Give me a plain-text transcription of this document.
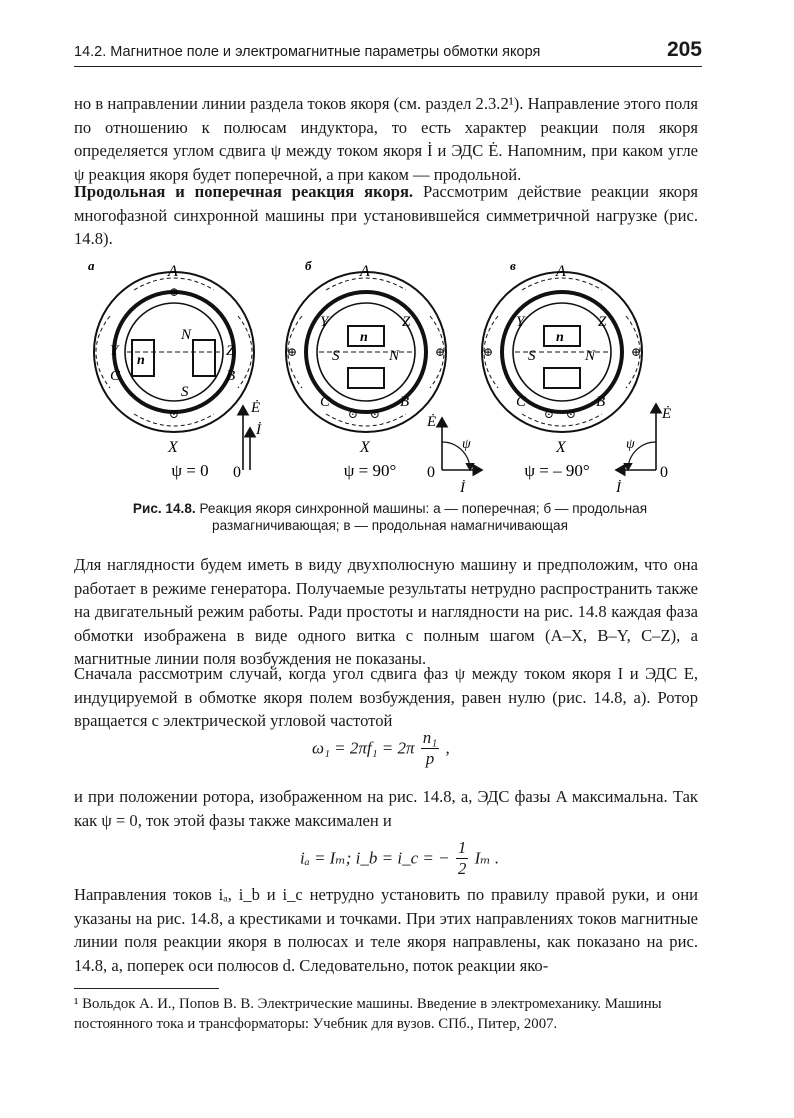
14.2. Магнитное поле и электромагнитные параметры обмотки якоря	205

но в направлении линии раздела токов якоря (см. раздел 2.3.2¹). Направление этого поля по отношению к полюсам индуктора, то есть характер реакции поля якоря определяется углом сдвига ψ между током якоря İ и ЭДС Ė. Напомним, при каком угле ψ реакция якоря будет поперечной, а при каком — продольной.

Продольная и поперечная реакция якоря. Рассмотрим действие реакции якоря многофазной синхронной машины при установившейся симметричной нагрузке (рис. 14.8).

а	A
X
Y	Z
C	B
N
S
n
⊕
⊙
ψ = 0 0
Ė
İ
б	A
X
Y	Z
C	B
N
S
n
⊕	⊕
⊙ ⊙
ψ = 90° 0
Ė
İ
ψ
в	A
X
Y	Z
C	B
N
S
n
⊕	⊕
⊙ ⊙
ψ = – 90°	0
Ė
İ
ψ
Рис. 14.8. Реакция якоря синхронной машины: а — поперечная; б — продольная размагничивающая; в — продольная намагничивающая

Для наглядности будем иметь в виду двухполюсную машину и предположим, что она работает в режиме генератора. Получаемые результаты нетрудно распространить также на двигательный режим работы. Ради простоты и наглядности на рис. 14.8 каждая фаза обмотки изображена в виде одного витка с полным шагом (A–X, B–Y, C–Z), а магнитные линии поля возбуждения не показаны.

Сначала рассмотрим случай, когда угол сдвига фаз ψ между током якоря I и ЭДС E, индуцируемой в обмотке якоря полем возбуждения, равен нулю (рис. 14.8, а). Ротор вращается с электрической угловой частотой

$\omega_1 = 2\pi f_1 = 2\pi \frac{\text{n₁}}{p}$ ,

и при положении ротора, изображенном на рис. 14.8, а, ЭДС фазы A максимальна. Так как ψ = 0, ток этой фазы также максимален и

iₐ = Iₘ; i_b = i_c = − $\frac{1}{2}$ Iₘ .

Направления токов iₐ, i_b и i_c нетрудно установить по правилу правой руки, и они указаны на рис. 14.8, а крестиками и точками. При этих направлениях токов магнитные линии поля реакции якоря в полюсах и теле якоря направлены, как показано на рис. 14.8, а, поперек оси полюсов d. Следовательно, поток реакции яко-

¹ Вольдок А. И., Попов В. В. Электрические машины. Введение в электромеханику. Машины постоянного тока и трансформаторы: Учебник для вузов. СПб., Питер, 2007.
